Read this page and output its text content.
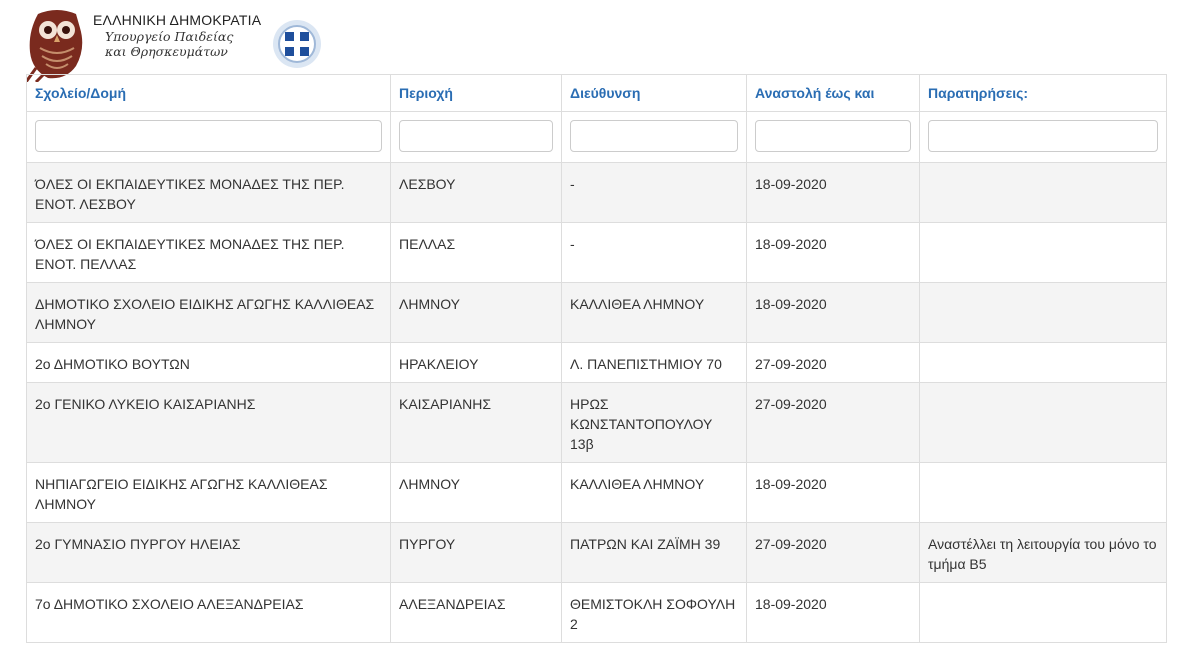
ΕΛΛΗΝΙΚΗ ΔΗΜΟΚΡΑΤΙΑ
Υπουργείο Παιδείας
και Θρησκευμάτων
Σχολείο/Δομή	Περιοχή	Διεύθυνση	Αναστολή έως και	Παρατηρήσεις:

ΌΛΕΣ ΟΙ ΕΚΠΑΙΔΕΥΤΙΚΕΣ ΜΟΝΑΔΕΣ ΤΗΣ ΠΕΡ. ΕΝΟΤ. ΛΕΣΒΟΥ	ΛΕΣΒΟΥ	-	18-09-2020	
ΌΛΕΣ ΟΙ ΕΚΠΑΙΔΕΥΤΙΚΕΣ ΜΟΝΑΔΕΣ ΤΗΣ ΠΕΡ. ΕΝΟΤ. ΠΕΛΛΑΣ	ΠΕΛΛΑΣ	-	18-09-2020	
ΔΗΜΟΤΙΚΟ ΣΧΟΛΕΙΟ ΕΙΔΙΚΗΣ ΑΓΩΓΗΣ ΚΑΛΛΙΘΕΑΣ ΛΗΜΝΟΥ	ΛΗΜΝΟΥ	ΚΑΛΛΙΘΕΑ ΛΗΜΝΟΥ	18-09-2020	
2ο ΔΗΜΟΤΙΚΟ ΒΟΥΤΩΝ	ΗΡΑΚΛΕΙΟΥ	Λ. ΠΑΝΕΠΙΣΤΗΜΙΟΥ 70	27-09-2020	
2ο ΓΕΝΙΚΟ ΛΥΚΕΙΟ ΚΑΙΣΑΡΙΑΝΗΣ	ΚΑΙΣΑΡΙΑΝΗΣ	ΗΡΩΣ ΚΩΝΣΤΑΝΤΟΠΟΥΛΟΥ 13β	27-09-2020	
ΝΗΠΙΑΓΩΓΕΙΟ ΕΙΔΙΚΗΣ ΑΓΩΓΗΣ ΚΑΛΛΙΘΕΑΣ ΛΗΜΝΟΥ	ΛΗΜΝΟΥ	ΚΑΛΛΙΘΕΑ ΛΗΜΝΟΥ	18-09-2020	
2ο ΓΥΜΝΑΣΙΟ ΠΥΡΓΟΥ ΗΛΕΙΑΣ	ΠΥΡΓΟΥ	ΠΑΤΡΩΝ ΚΑΙ ΖΑΪΜΗ 39	27-09-2020	Αναστέλλει τη λειτουργία του μόνο το τμήμα Β5
7ο ΔΗΜΟΤΙΚΟ ΣΧΟΛΕΙΟ ΑΛΕΞΑΝΔΡΕΙΑΣ	ΑΛΕΞΑΝΔΡΕΙΑΣ	ΘΕΜΙΣΤΟΚΛΗ ΣΟΦΟΥΛΗ 2	18-09-2020	
